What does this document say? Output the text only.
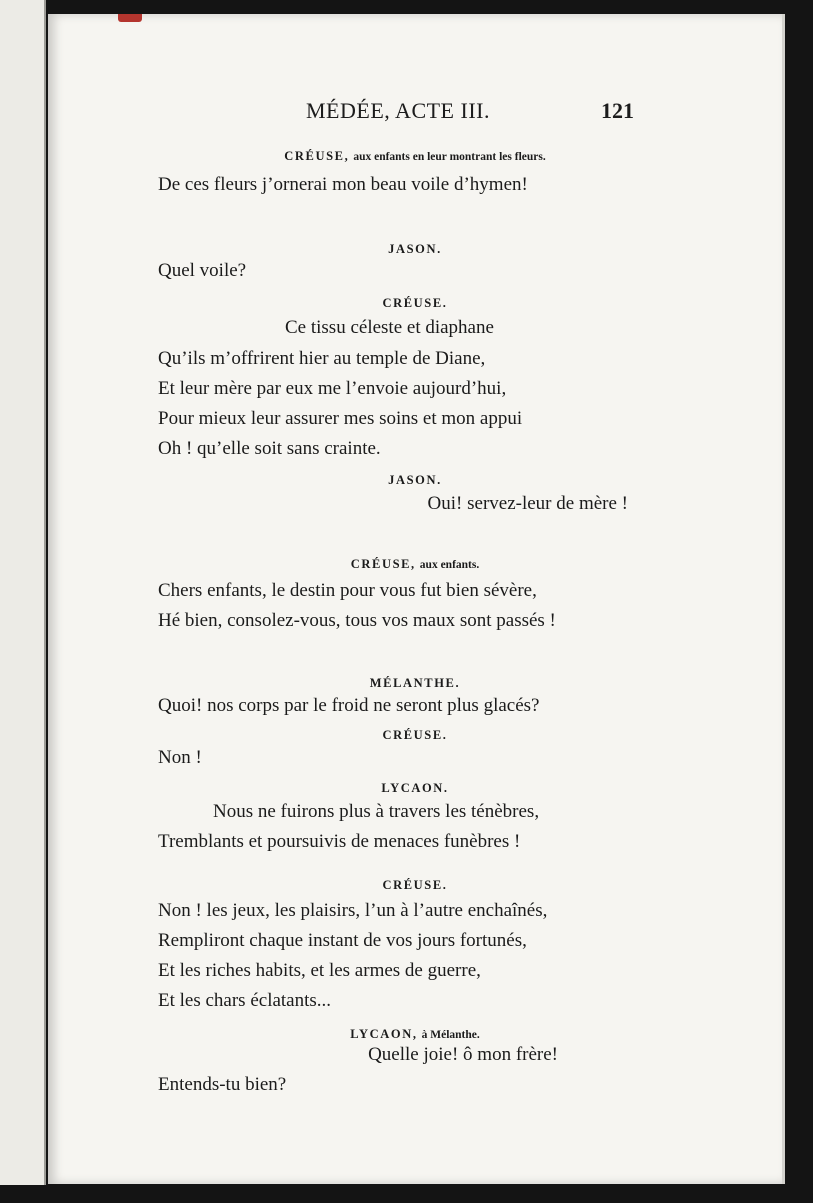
MÉDÉE, ACTE III.	121
CRÉUSE, aux enfants en leur montrant les fleurs.
De ces fleurs j’ornerai mon beau voile d’hymen!
JASON.
Quel voile?
CRÉUSE.
Ce tissu céleste et diaphane
Qu’ils m’offrirent hier au temple de Diane,
Et leur mère par eux me l’envoie aujourd’hui,
Pour mieux leur assurer mes soins et mon appui
Oh ! qu’elle soit sans crainte.
JASON.
Oui! servez-leur de mère !
CRÉUSE, aux enfants.
Chers enfants, le destin pour vous fut bien sévère,
Hé bien, consolez-vous, tous vos maux sont passés !
MÉLANTHE.
Quoi! nos corps par le froid ne seront plus glacés?
CRÉUSE.
Non !
LYCAON.
Nous ne fuirons plus à travers les ténèbres,
Tremblants et poursuivis de menaces funèbres !
CRÉUSE.
Non ! les jeux, les plaisirs, l’un à l’autre enchaînés,
Rempliront chaque instant de vos jours fortunés,
Et les riches habits, et les armes de guerre,
Et les chars éclatants...
LYCAON, à Mélanthe.
Quelle joie! ô mon frère!
Entends-tu bien?
